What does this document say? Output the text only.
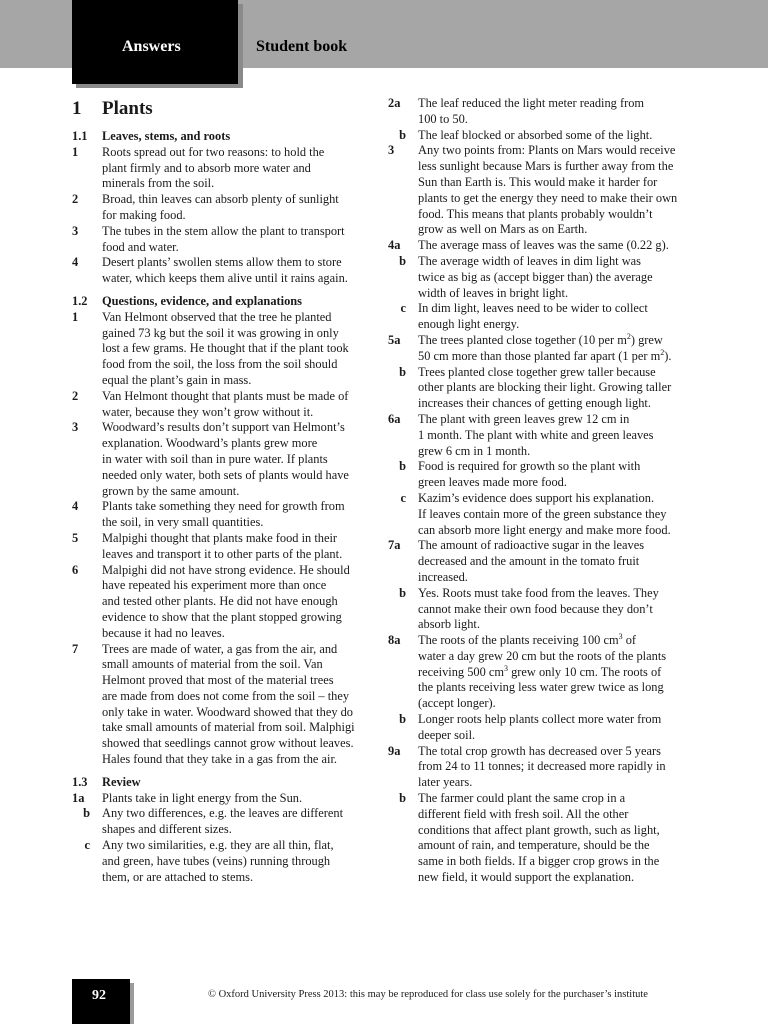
Answers	Student book
1	Plants
1.1	Leaves, stems, and roots
1	Roots spread out for two reasons: to hold the
plant firmly and to absorb more water and
minerals from the soil.
2	Broad, thin leaves can absorb plenty of sunlight
for making food.
3	The tubes in the stem allow the plant to transport
food and water.
4	Desert plants’ swollen stems allow them to store
water, which keeps them alive until it rains again.
1.2	Questions, evidence, and explanations
1	Van Helmont observed that the tree he planted
gained 73 kg but the soil it was growing in only
lost a few grams. He thought that if the plant took
food from the soil, the loss from the soil should
equal the plant’s gain in mass.
2	Van Helmont thought that plants must be made of
water, because they won’t grow without it.
3	Woodward’s results don’t support van Helmont’s
explanation. Woodward’s plants grew more
in water with soil than in pure water. If plants
needed only water, both sets of plants would have
grown by the same amount.
4	Plants take something they need for growth from
the soil, in very small quantities.
5	Malpighi thought that plants make food in their
leaves and transport it to other parts of the plant.
6	Malpighi did not have strong evidence. He should
have repeated his experiment more than once
and tested other plants. He did not have enough
evidence to show that the plant stopped growing
because it had no leaves.
7	Trees are made of water, a gas from the air, and
small amounts of material from the soil. Van
Helmont proved that most of the material trees
are made from does not come from the soil – they
only take in water. Woodward showed that they do
take small amounts of material from soil. Malphigi
showed that seedlings cannot grow without leaves.
Hales found that they take in a gas from the air.
1.3	Review
1a	Plants take in light energy from the Sun.
b Any two differences, e.g. the leaves are different
shapes and different sizes.
c Any two similarities, e.g. they are all thin, flat,
and green, have tubes (veins) running through
them, or are attached to stems.
2a	The leaf reduced the light meter reading from
100 to 50.
b The leaf blocked or absorbed some of the light.
3	Any two points from: Plants on Mars would receive
less sunlight because Mars is further away from the
Sun than Earth is. This would make it harder for
plants to get the energy they need to make their own
food. This means that plants probably wouldn’t
grow as well on Mars as on Earth.
4a	The average mass of leaves was the same (0.22 g).
b The average width of leaves in dim light was
twice as big as (accept bigger than) the average
width of leaves in bright light.
c In dim light, leaves need to be wider to collect
enough light energy.
5a	The trees planted close together (10 per $m^2$) grew
50 cm more than those planted far apart (1 per $m^2$).
b Trees planted close together grew taller because
other plants are blocking their light. Growing taller
increases their chances of getting enough light.
6a	The plant with green leaves grew 12 cm in
1 month. The plant with white and green leaves
grew 6 cm in 1 month.
b Food is required for growth so the plant with
green leaves made more food.
c Kazim’s evidence does support his explanation.
If leaves contain more of the green substance they
can absorb more light energy and make more food.
7a	The amount of radioactive sugar in the leaves
decreased and the amount in the tomato fruit
increased.
b Yes. Roots must take food from the leaves. They
cannot make their own food because they don’t
absorb light.
8a	The roots of the plants receiving 100 $cm^3$ of
water a day grew 20 cm but the roots of the plants
receiving 500 $cm^3$ grew only 10 cm. The roots of
the plants receiving less water grew twice as long
(accept longer).
b Longer roots help plants collect more water from
deeper soil.
9a	The total crop growth has decreased over 5 years
from 24 to 11 tonnes; it decreased more rapidly in
later years.
b The farmer could plant the same crop in a
different field with fresh soil. All the other
conditions that affect plant growth, such as light,
amount of rain, and temperature, should be the
same in both fields. If a bigger crop grows in the
new field, it would support the explanation.
92	© Oxford University Press 2013: this may be reproduced for class use solely for the purchaser’s institute
